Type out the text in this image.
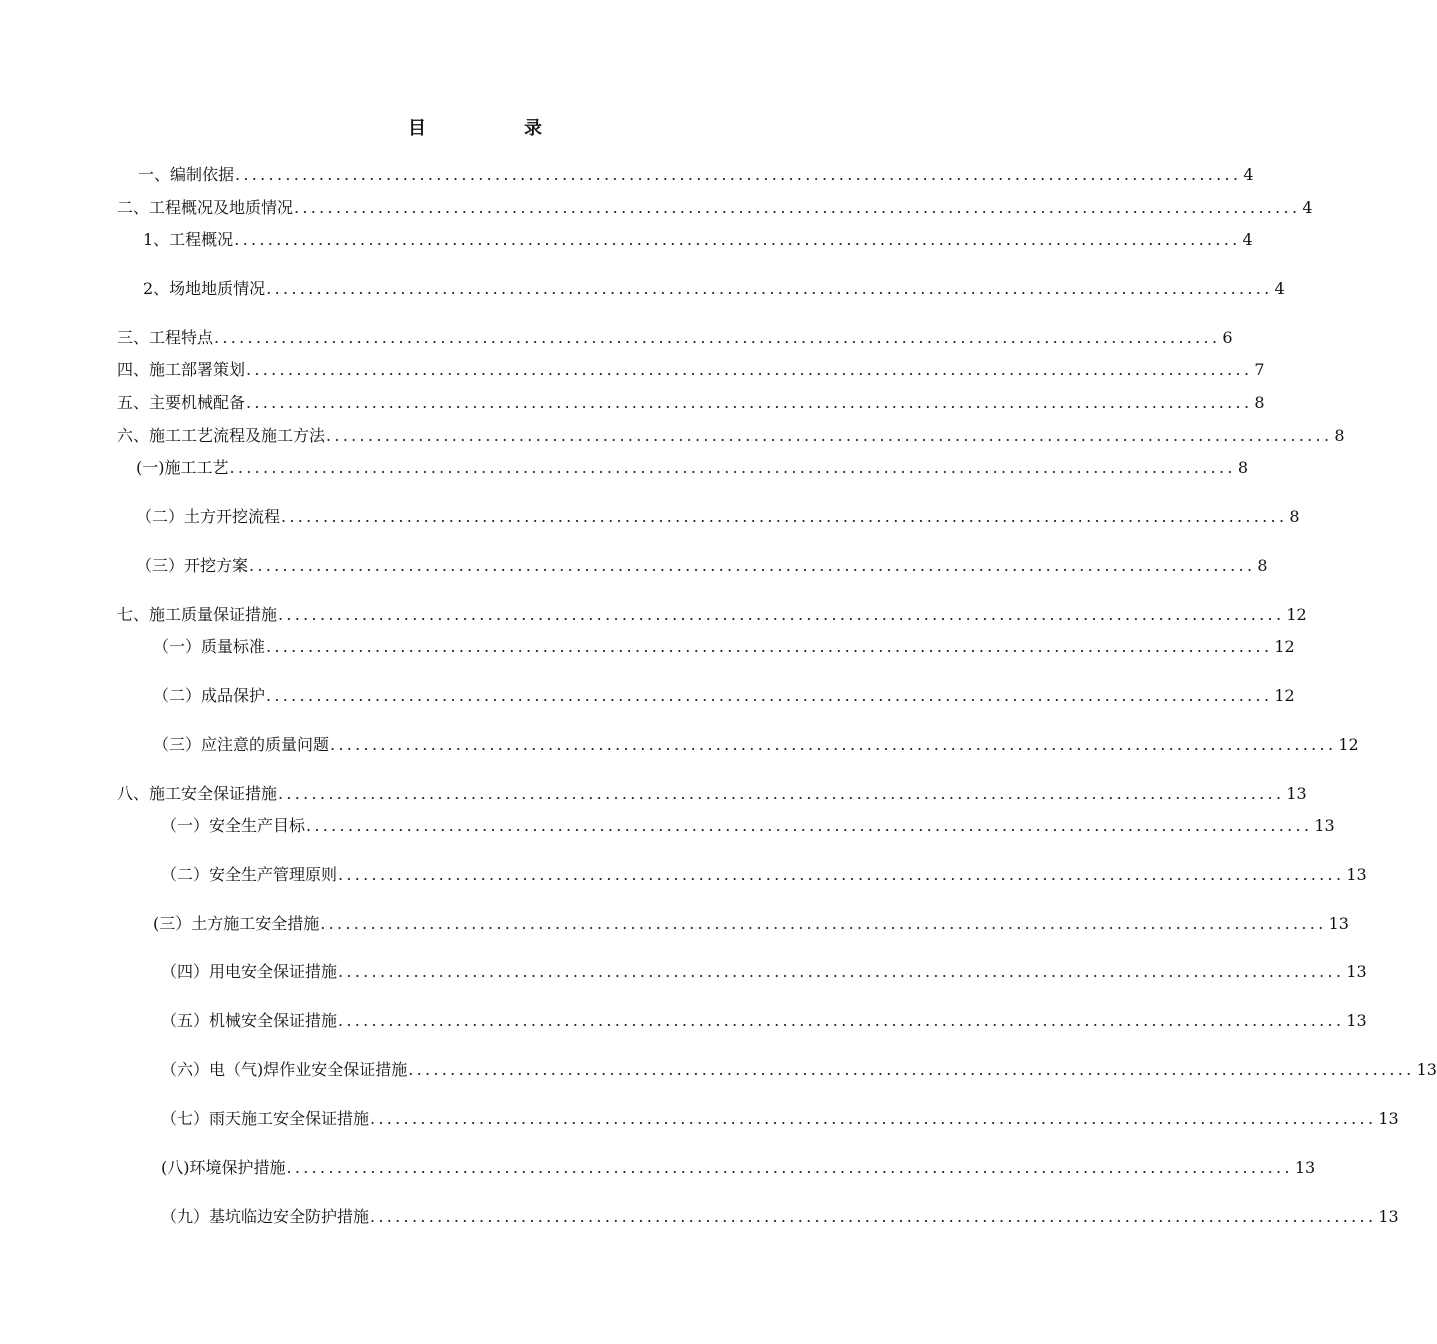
目　录
一、编制依据 ........................................................................................................................ 4
二、工程概况及地质情况 ........................................................................................................................ 4
1、工程概况 ........................................................................................................................ 4
2、场地地质情况 ........................................................................................................................ 4
三、工程特点 ........................................................................................................................ 6
四、施工部署策划 ........................................................................................................................ 7
五、主要机械配备 ........................................................................................................................ 8
六、施工工艺流程及施工方法 ........................................................................................................................ 8
(一)施工工艺 ........................................................................................................................ 8
（二）土方开挖流程 ........................................................................................................................ 8
（三）开挖方案 ........................................................................................................................ 8
七、施工质量保证措施 ........................................................................................................................ 12
（一）质量标准 ........................................................................................................................ 12
（二）成品保护 ........................................................................................................................ 12
（三）应注意的质量问题 ........................................................................................................................ 12
八、施工安全保证措施 ........................................................................................................................ 13
（一）安全生产目标 ........................................................................................................................ 13
（二）安全生产管理原则 ........................................................................................................................ 13
(三）土方施工安全措施 ........................................................................................................................ 13
（四）用电安全保证措施 ........................................................................................................................ 13
（五）机械安全保证措施 ........................................................................................................................ 13
（六）电（气)焊作业安全保证措施 ........................................................................................................................ 13
（七）雨天施工安全保证措施 ........................................................................................................................ 13
(八)环境保护措施 ........................................................................................................................ 13
（九）基坑临边安全防护措施 ........................................................................................................................ 13
